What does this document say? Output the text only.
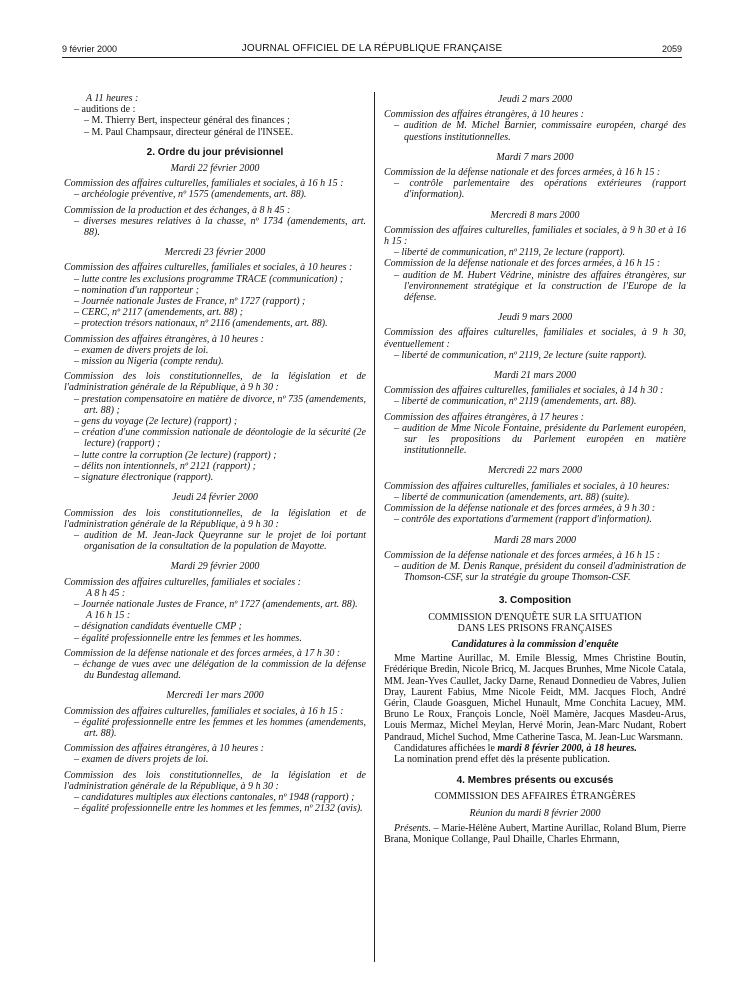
9 février 2000	JOURNAL OFFICIEL DE LA RÉPUBLIQUE FRANÇAISE	2059

A 11 heures :

– auditions de :

– M. Thierry Bert, inspecteur général des finances ;

– M. Paul Champsaur, directeur général de l'INSEE.

2. Ordre du jour prévisionnel

Mardi 22 février 2000

Commission des affaires culturelles, familiales et sociales, à 16 h 15 :

– archéologie préventive, nº 1575 (amendements, art. 88).

Commission de la production et des échanges, à 8 h 45 :

– diverses mesures relatives à la chasse, nº 1734 (amendements, art. 88).

Mercredi 23 février 2000

Commission des affaires culturelles, familiales et sociales, à 10 heures :

– lutte contre les exclusions programme TRACE (communication) ;

– nomination d'un rapporteur ;

– Journée nationale Justes de France, nº 1727 (rapport) ;

– CERC, nº 2117 (amendements, art. 88) ;

– protection trésors nationaux, nº 2116 (amendements, art. 88).

Commission des affaires étrangères, à 10 heures :

– examen de divers projets de loi.

– mission au Nigeria (compte rendu).

Commission des lois constitutionnelles, de la législation et de l'administration générale de la République, à 9 h 30 :

– prestation compensatoire en matière de divorce, nº 735 (amendements, art. 88) ;

– gens du voyage (2e lecture) (rapport) ;

– création d'une commission nationale de déontologie de la sécurité (2e lecture) (rapport) ;

– lutte contre la corruption (2e lecture) (rapport) ;

– délits non intentionnels, nº 2121 (rapport) ;

– signature électronique (rapport).

Jeudi 24 février 2000

Commission des lois constitutionnelles, de la législation et de l'administration générale de la République, à 9 h 30 :

– audition de M. Jean-Jack Queyranne sur le projet de loi portant organisation de la consultation de la population de Mayotte.

Mardi 29 février 2000

Commission des affaires culturelles, familiales et sociales :

A 8 h 45 :

– Journée nationale Justes de France, nº 1727 (amendements, art. 88).

A 16 h 15 :

– désignation candidats éventuelle CMP ;

– égalité professionnelle entre les femmes et les hommes.

Commission de la défense nationale et des forces armées, à 17 h 30 :

– échange de vues avec une délégation de la commission de la défense du Bundestag allemand.

Mercredi 1er mars 2000

Commission des affaires culturelles, familiales et sociales, à 16 h 15 :

– égalité professionnelle entre les femmes et les hommes (amendements, art. 88).

Commission des affaires étrangères, à 10 heures :

– examen de divers projets de loi.

Commission des lois constitutionnelles, de la législation et de l'administration générale de la République, à 9 h 30 :

– candidatures multiples aux élections cantonales, nº 1948 (rapport) ;

– égalité professionnelle entre les hommes et les femmes, nº 2132 (avis).

Jeudi 2 mars 2000

Commission des affaires étrangères, à 10 heures :

– audition de M. Michel Barnier, commissaire européen, chargé des questions institutionnelles.

Mardi 7 mars 2000

Commission de la défense nationale et des forces armées, à 16 h 15 :

– contrôle parlementaire des opérations extérieures (rapport d'information).

Mercredi 8 mars 2000

Commission des affaires culturelles, familiales et sociales, à 9 h 30 et à 16 h 15 :

– liberté de communication, nº 2119, 2e lecture (rapport).

Commission de la défense nationale et des forces armées, à 16 h 15 :

– audition de M. Hubert Védrine, ministre des affaires étrangères, sur l'environnement stratégique et la construction de l'Europe de la défense.

Jeudi 9 mars 2000

Commission des affaires culturelles, familiales et sociales, à 9 h 30, éventuellement :

– liberté de communication, nº 2119, 2e lecture (suite rapport).

Mardi 21 mars 2000

Commission des affaires culturelles, familiales et sociales, à 14 h 30 :

– liberté de communication, nº 2119 (amendements, art. 88).

Commission des affaires étrangères, à 17 heures :

– audition de Mme Nicole Fontaine, présidente du Parlement européen, sur les propositions du Parlement européen en matière institutionnelle.

Mercredi 22 mars 2000

Commission des affaires culturelles, familiales et sociales, à 10 heures:

– liberté de communication (amendements, art. 88) (suite).

Commission de la défense nationale et des forces armées, à 9 h 30 :

– contrôle des exportations d'armement (rapport d'information).

Mardi 28 mars 2000

Commission de la défense nationale et des forces armées, à 16 h 15 :

– audition de M. Denis Ranque, président du conseil d'administration de Thomson-CSF, sur la stratégie du groupe Thomson-CSF.

3. Composition

COMMISSION D'ENQUÊTE SUR LA SITUATION

DANS LES PRISONS FRANÇAISES

Candidatures à la commission d'enquête

Mme Martine Aurillac, M. Emile Blessig, Mmes Christine Boutin, Frédérique Bredin, Nicole Bricq, M. Jacques Brunhes, Mme Nicole Catala, MM. Jean-Yves Caullet, Jacky Darne, Renaud Donnedieu de Vabres, Julien Dray, Laurent Fabius, Mme Nicole Feidt, MM. Jacques Floch, André Gérin, Claude Goasguen, Michel Hunault, Mme Conchita Lacuey, MM. Bruno Le Roux, François Loncle, Noël Mamère, Jacques Masdeu-Arus, Louis Mermaz, Michel Meylan, Hervé Morin, Jean-Marc Nudant, Robert Pandraud, Michel Suchod, Mme Catherine Tasca, M. Jean-Luc Warsmann.

Candidatures affichées le mardi 8 février 2000, à 18 heures.

La nomination prend effet dès la présente publication.

4. Membres présents ou excusés

COMMISSION DES AFFAIRES ÉTRANGÈRES

Réunion du mardi 8 février 2000

Présents. – Marie-Hélène Aubert, Martine Aurillac, Roland Blum, Pierre Brana, Monique Collange, Paul Dhaille, Charles Ehrmann,
